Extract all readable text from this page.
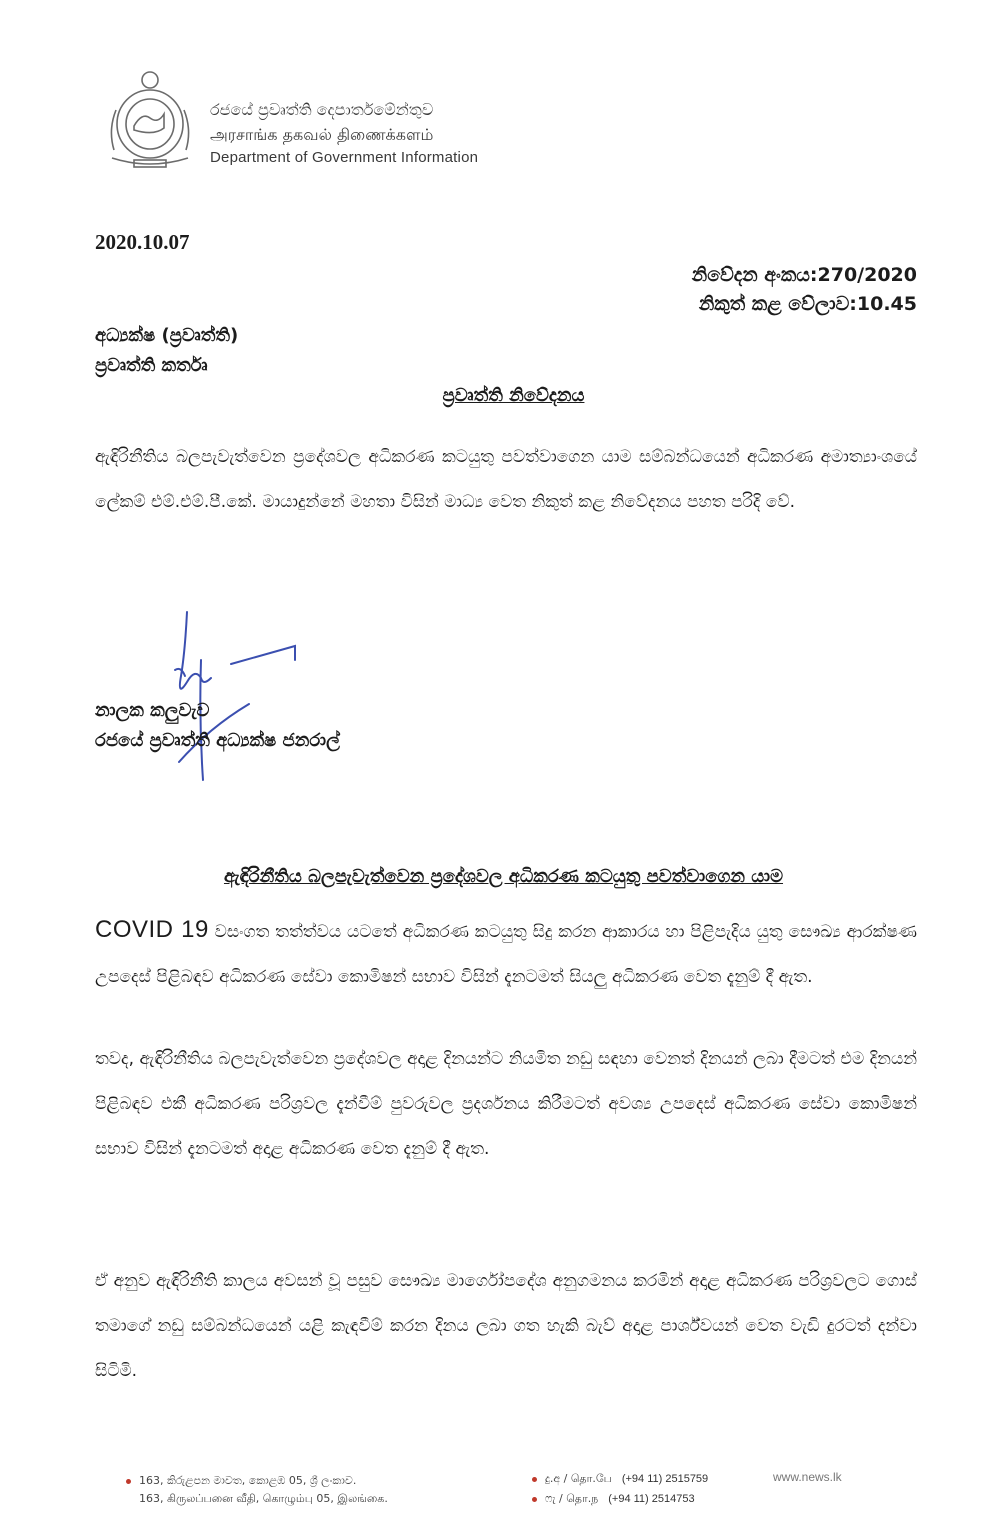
රජයේ ප්‍රවෘත්ති දෙපාර්තමේන්තුව
அரசாங்க தகவல் திணைக்களம்
Department of Government Information
2020.10.07
නිවේදන අංකය:270/2020
නිකුත් කළ වේලාව:10.45
අධ්‍යක්ෂ (ප්‍රවෘත්ති)
ප්‍රවෘත්ති කර්තෘ
ප්‍රවෘත්ති නිවේදනය
ඇඳිරිනීතිය බලපැවැත්වෙන ප්‍රදේශවල අධිකරණ කටයුතු පවත්වාගෙන යාම සම්බන්ධයෙන් අධිකරණ අමාත්‍යාංශයේ ලේකම් එම්.එම්.පී.කේ. මායාදුන්නේ මහතා විසින් මාධ්‍ය වෙත නිකුත් කළ නිවේදනය පහත පරිදි වේ.
නාලක කලුවැව
රජයේ ප්‍රවෘත්ති අධ්‍යක්ෂ ජනරාල්
ඇඳිරිනීතිය බලපැවැත්වෙන ප්‍රදේශවල අධිකරණ කටයුතු පවත්වාගෙන යාම
COVID 19 වසංගත තත්ත්වය යටතේ අධිකරණ කටයුතු සිදු කරන ආකාරය හා පිළිපැදිය යුතු සෞඛ්‍ය ආරක්ෂණ උපදෙස් පිළිබඳව අධිකරණ සේවා කොමිෂන් සභාව විසින් දැනටමත් සියලු අධිකරණ වෙත දැනුම් දී ඇත.
තවද, ඇඳිරිනීතිය බලපැවැත්වෙන ප්‍රදේශවල අදාළ දිනයන්ට නියමිත නඩු සඳහා වෙනත් දිනයන් ලබා දීමටත් එම දිනයන් පිළිබඳව එකී අධිකරණ පරිශ්‍රවල දැන්වීම් පුවරුවල ප්‍රදර්ශනය කිරීමටත් අවශ්‍ය උපදෙස් අධිකරණ සේවා කොමිෂන් සභාව විසින් දැනටමත් අදාළ අධිකරණ වෙත දැනුම් දී ඇත.
ඒ අනුව ඇඳිරිනීති කාලය අවසන් වූ පසුව සෞඛ්‍ය මාර්ගෝපදේශ අනුගමනය කරමින් අදාළ අධිකරණ පරිශ්‍රවලට ගොස් තමාගේ නඩු සම්බන්ධයෙන් යළි කැඳවීම් කරන දිනය ලබා ගත හැකි බැව් අදාළ පාර්ශ්වයන් වෙත වැඩි දුරටත් දන්වා සිටිමි.
163, කිරුළපන මාවත, කොළඹ 05, ශ්‍රී ලංකාව.
163, கிருலப்பனை வீதி, கொழும்பு 05, இலங்கை.
දු.අ / தொ.பே (+94 11) 2515759
ෆැ / தொ.ந (+94 11) 2514753
www.news.lk
